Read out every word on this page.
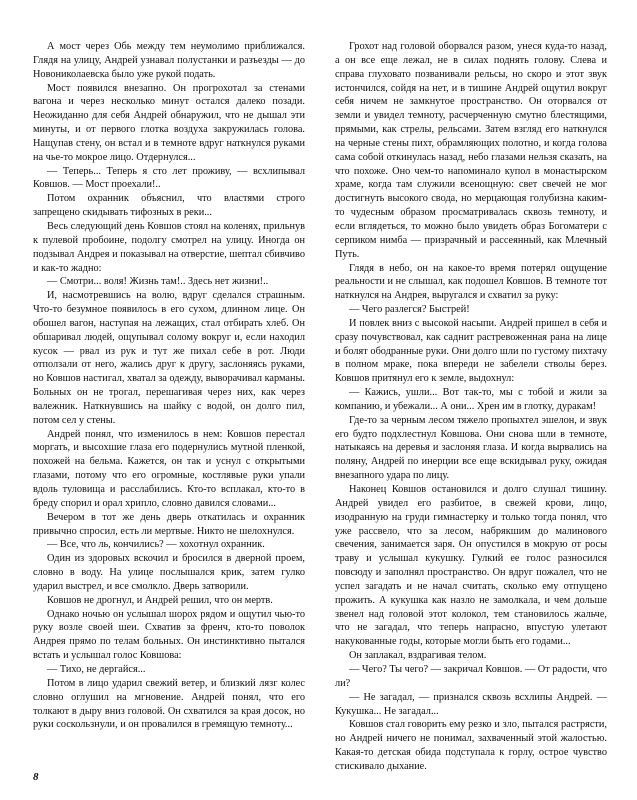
А мост через Обь между тем неумолимо приближался. Глядя на улицу, Андрей узнавал полустанки и разъезды — до Новониколаевска было уже рукой подать.

Мост появился внезапно. Он прогрохотал за стенами вагона и через несколько минут остался далеко позади. Неожиданно для себя Андрей обнаружил, что не дышал эти минуты, и от первого глотка воздуха закружилась голова. Нащупав стену, он встал и в темноте вдруг наткнулся руками на чье-то мокрое лицо. Отдернулся...

— Теперь... Теперь я сто лет проживу, — всхлипывал Ковшов. — Мост проехали!..

Потом охранник объяснил, что властями строго запрещено скидывать тифозных в реки...

Весь следующий день Ковшов стоял на коленях, прильнув к пулевой пробоине, подолгу смотрел на улицу. Иногда он подзывал Андрея и показывал на отверстие, шептал сбивчиво и как-то жадно:

— Смотри... воля! Жизнь там!.. Здесь нет жизни!..

И, насмотревшись на волю, вдруг сделался страшным. Что-то безумное появилось в его сухом, длинном лице. Он обошел вагон, наступая на лежащих, стал отбирать хлеб. Он обшаривал людей, ощупывал солому вокруг и, если находил кусок — рвал из рук и тут же пихал себе в рот. Люди отползали от него, жались друг к другу, заслоняясь руками, но Ковшов настигал, хватал за одежду, выворачивал карманы. Больных он не трогал, перешагивая через них, как через валежник. Наткнувшись на шайку с водой, он долго пил, потом сел у стены.

Андрей понял, что изменилось в нем: Ковшов перестал моргать, и высохшие глаза его подернулись мутной пленкой, похожей на бельма. Кажется, он так и уснул с открытыми глазами, потому что его огромные, костлявые руки упали вдоль туловища и расслабились. Кто-то всплакал, кто-то в бреду спорил и орал хрипло, словно давился словами...

Вечером в тот же день дверь откатилась и охранник привычно спросил, есть ли мертвые. Никто не шелохнулся.

— Все, что ль, кончились? — хохотнул охранник.

Один из здоровых вскочил и бросился в дверной проем, словно в воду. На улице послышался крик, затем гулко ударил выстрел, и все смолкло. Дверь затворили.

Ковшов не дрогнул, и Андрей решил, что он мертв.

Однако ночью он услышал шорох рядом и ощутил чью-то руку возле своей шеи. Схватив за френч, кто-то поволок Андрея прямо по телам больных. Он инстинктивно пытался встать и услышал голос Ковшова:

— Тихо, не дергайся...

Потом в лицо ударил свежий ветер, и близкий лязг колес словно оглушил на мгновение. Андрей понял, что его толкают в дыру вниз головой. Он схватился за края досок, но руки соскользнули, и он провалился в гремящую темноту...

Грохот над головой оборвался разом, унеся куда-то назад, а он все еще лежал, не в силах поднять голову. Слева и справа глуховато позванивали рельсы, но скоро и этот звук истончился, сойдя на нет, и в тишине Андрей ощутил вокруг себя ничем не замкнутое пространство. Он оторвался от земли и увидел темноту, расчерченную смутно блестящими, прямыми, как стрелы, рельсами. Затем взгляд его наткнулся на черные стены пихт, обрамляющих полотно, и когда голова сама собой откинулась назад, небо глазами нельзя сказать, на что похоже. Оно чем-то напоминало купол в монастырском храме, когда там служили всенощную: свет свечей не мог достигнуть высокого свода, но мерцающая голубизна каким-то чудесным образом просматривалась сквозь темноту, и если вглядеться, то можно было увидеть образ Богоматери с серпиком нимба — призрачный и рассеянный, как Млечный Путь.

Глядя в небо, он на какое-то время потерял ощущение реальности и не слышал, как подошел Ковшов. В темноте тот наткнулся на Андрея, выругался и схватил за руку:

— Чего разлегся? Быстрей!

И повлек вниз с высокой насыпи. Андрей пришел в себя и сразу почувствовал, как саднит растревоженная рана на лице и болят ободранные руки. Они долго шли по густому пихтачу в полном мраке, пока впереди не забелели стволы берез. Ковшов притянул его к земле, выдохнул:

— Кажись, ушли... Вот так-то, мы с тобой и жили за компанию, и убежали... А они... Хрен им в глотку, дуракам!

Где-то за черным лесом тяжело пропыхтел эшелон, и звук его будто подхлестнул Ковшова. Они снова шли в темноте, натыкаясь на деревья и заслоняя глаза. И когда вырвались на поляну, Андрей по инерции все еще вскидывал руку, ожидая внезапного удара по лицу.

Наконец Ковшов остановился и долго слушал тишину. Андрей увидел его разбитое, в свежей крови, лицо, изодранную на груди гимнастерку и только тогда понял, что уже рассвело, что за лесом, набрякшим до малинового свечения, занимается заря. Он опустился в мокрую от росы траву и услышал кукушку. Гулкий ее голос разносился повсюду и заполнял пространство. Он вдруг пожалел, что не успел загадать и не начал считать, сколько ему отпущено прожить. А кукушка как назло не замолкала, и чем дольше звенел над головой этот колокол, тем становилось жальче, что не загадал, что теперь напрасно, впустую улетают накукованные годы, которые могли быть его годами...

Он заплакал, вздрагивая телом.

— Чего? Ты чего? — закричал Ковшов. — От радости, что ли?

— Не загадал, — признался сквозь всхлипы Андрей. — Кукушка... Не загадал...

Ковшов стал говорить ему резко и зло, пытался растрясти, но Андрей ничего не понимал, захваченный этой жалостью. Какая-то детская обида подступала к горлу, острое чувство стискивало дыхание.

8
